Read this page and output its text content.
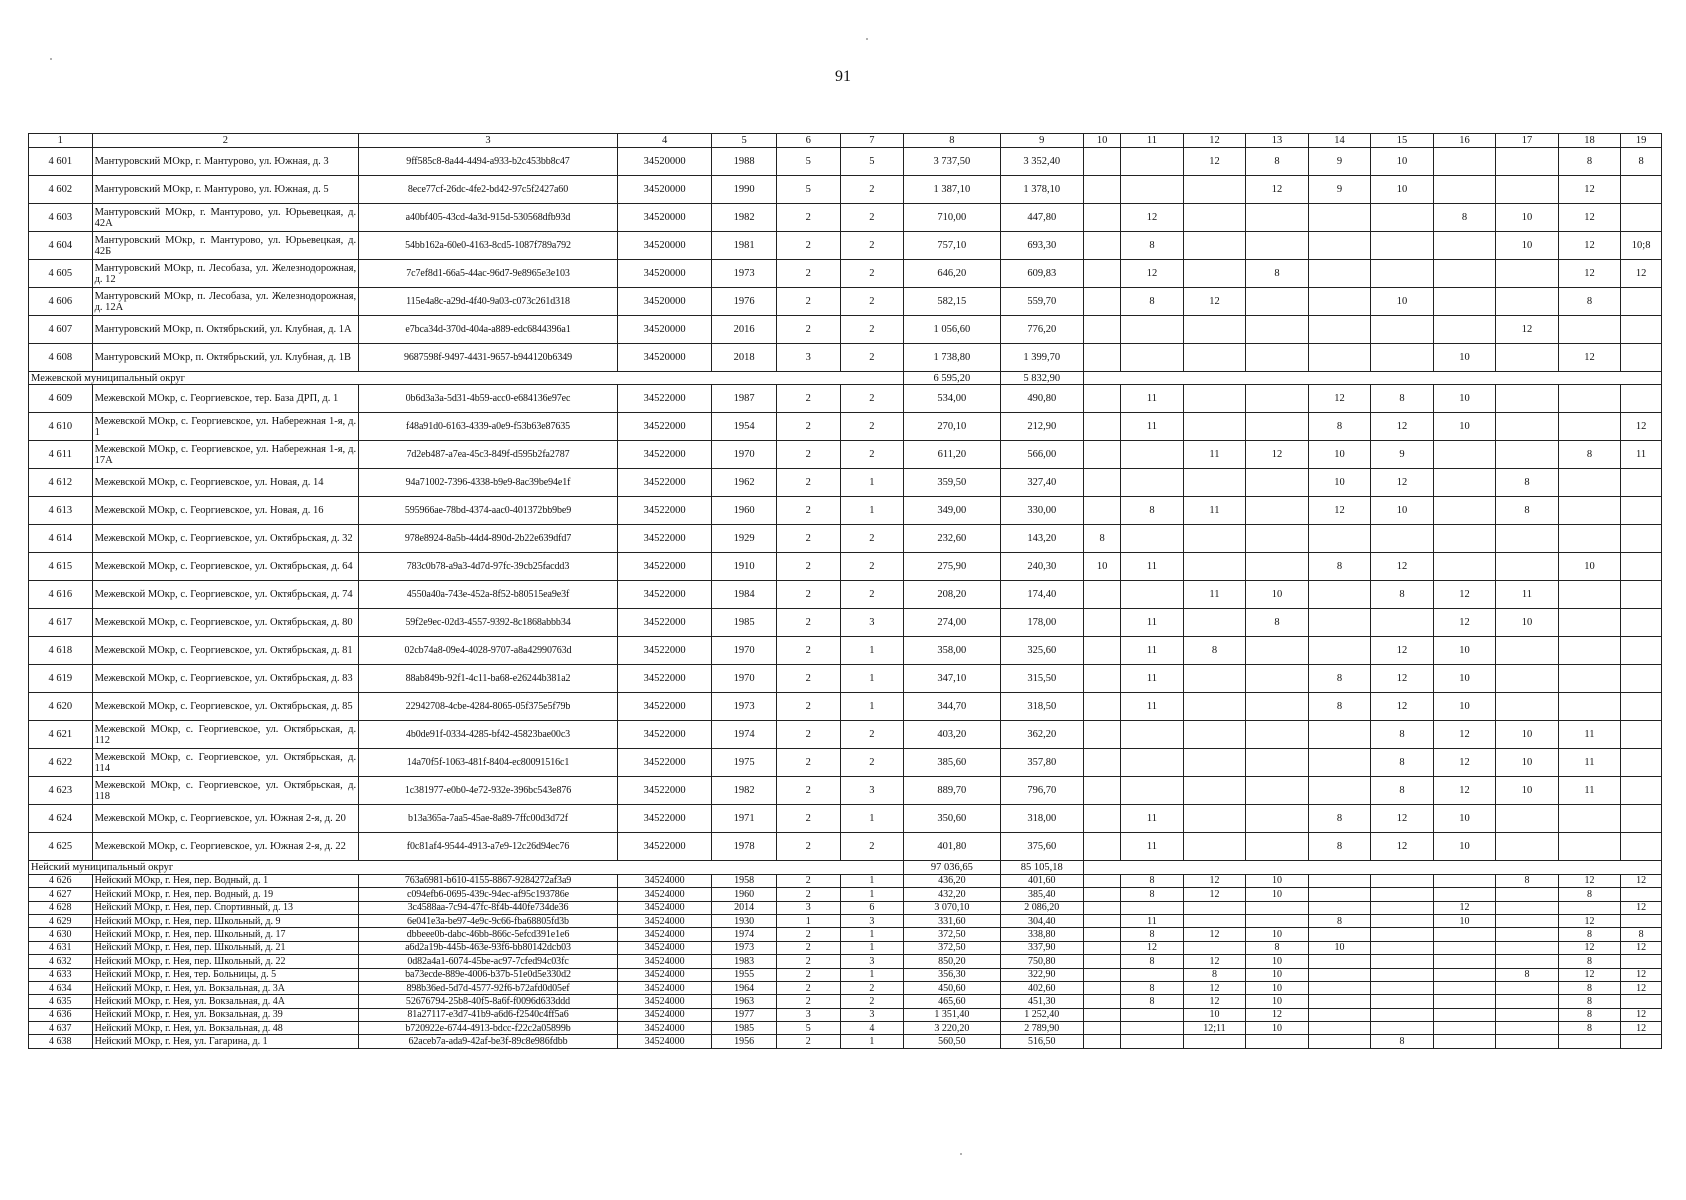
91
1	2	3	4	5	6	7	8	9	10	11	12	13	14	15	16	17	18	19
4 601	Мантуровский МОкр, г. Мантурово, ул. Южная, д. 3	9ff585c8-8a44-4494-a933-b2c453bb8c47	34520000	1988	5	5	3 737,50	3 352,40			12	8	9	10			8	8
4 602	Мантуровский МОкр, г. Мантурово, ул. Южная, д. 5	8ece77cf-26dc-4fe2-bd42-97c5f2427a60	34520000	1990	5	2	1 387,10	1 378,10				12	9	10			12	
4 603	Мантуровский МОкр, г. Мантурово, ул. Юрьевецкая, д. 42А	a40bf405-43cd-4a3d-915d-530568dfb93d	34520000	1982	2	2	710,00	447,80		12					8	10	12	
4 604	Мантуровский МОкр, г. Мантурово, ул. Юрьевецкая, д. 42Б	54bb162a-60e0-4163-8cd5-1087f789a792	34520000	1981	2	2	757,10	693,30		8						10	12	10;8
4 605	Мантуровский МОкр, п. Лесобаза, ул. Железнодорожная, д. 12	7c7ef8d1-66a5-44ac-96d7-9e8965e3e103	34520000	1973	2	2	646,20	609,83		12		8					12	12
4 606	Мантуровский МОкр, п. Лесобаза, ул. Железнодорожная, д. 12А	115e4a8c-a29d-4f40-9a03-c073c261d318	34520000	1976	2	2	582,15	559,70		8	12			10			8	
4 607	Мантуровский МОкр, п. Октябрьский, ул. Клубная, д. 1А	e7bca34d-370d-404a-a889-edc6844396a1	34520000	2016	2	2	1 056,60	776,20								12		
4 608	Мантуровский МОкр, п. Октябрьский, ул. Клубная, д. 1В	9687598f-9497-4431-9657-b944120b6349	34520000	2018	3	2	1 738,80	1 399,70							10		12	
Межевской муниципальный округ							6 595,20	5 832,90										
4 609	Межевской МОкр, с. Георгиевское, тер. База ДРП, д. 1	0b6d3a3a-5d31-4b59-acc0-e684136e97ec	34522000	1987	2	2	534,00	490,80		11			12	8	10			
4 610	Межевской МОкр, с. Георгиевское, ул. Набережная 1-я, д. 1	f48a91d0-6163-4339-a0e9-f53b63e87635	34522000	1954	2	2	270,10	212,90		11			8	12	10			12
4 611	Межевской МОкр, с. Георгиевское, ул. Набережная 1-я, д. 17А	7d2eb487-a7ea-45c3-849f-d595b2fa2787	34522000	1970	2	2	611,20	566,00			11	12	10	9			8	11
4 612	Межевской МОкр, с. Георгиевское, ул. Новая, д. 14	94a71002-7396-4338-b9e9-8ac39be94e1f	34522000	1962	2	1	359,50	327,40					10	12		8		
4 613	Межевской МОкр, с. Георгиевское, ул. Новая, д. 16	595966ae-78bd-4374-aac0-401372bb9be9	34522000	1960	2	1	349,00	330,00		8	11		12	10		8		
4 614	Межевской МОкр, с. Георгиевское, ул. Октябрьская, д. 32	978e8924-8a5b-44d4-890d-2b22e639dfd7	34522000	1929	2	2	232,60	143,20	8									
4 615	Межевской МОкр, с. Георгиевское, ул. Октябрьская, д. 64	783c0b78-a9a3-4d7d-97fc-39cb25facdd3	34522000	1910	2	2	275,90	240,30	10	11			8	12			10	
4 616	Межевской МОкр, с. Георгиевское, ул. Октябрьская, д. 74	4550a40a-743e-452a-8f52-b80515ea9e3f	34522000	1984	2	2	208,20	174,40			11	10		8	12	11		
4 617	Межевской МОкр, с. Георгиевское, ул. Октябрьская, д. 80	59f2e9ec-02d3-4557-9392-8c1868abbb34	34522000	1985	2	3	274,00	178,00		11		8			12	10		
4 618	Межевской МОкр, с. Георгиевское, ул. Октябрьская, д. 81	02cb74a8-09e4-4028-9707-a8a42990763d	34522000	1970	2	1	358,00	325,60		11	8			12	10			
4 619	Межевской МОкр, с. Георгиевское, ул. Октябрьская, д. 83	88ab849b-92f1-4c11-ba68-e26244b381a2	34522000	1970	2	1	347,10	315,50		11			8	12	10			
4 620	Межевской МОкр, с. Георгиевское, ул. Октябрьская, д. 85	22942708-4cbe-4284-8065-05f375e5f79b	34522000	1973	2	1	344,70	318,50		11			8	12	10			
4 621	Межевской МОкр, с. Георгиевское, ул. Октябрьская, д. 112	4b0de91f-0334-4285-bf42-45823bae00c3	34522000	1974	2	2	403,20	362,20						8	12	10	11	
4 622	Межевской МОкр, с. Георгиевское, ул. Октябрьская, д. 114	14a70f5f-1063-481f-8404-ec80091516c1	34522000	1975	2	2	385,60	357,80						8	12	10	11	
4 623	Межевской МОкр, с. Георгиевское, ул. Октябрьская, д. 118	1c381977-e0b0-4e72-932e-396bc543e876	34522000	1982	2	3	889,70	796,70						8	12	10	11	
4 624	Межевской МОкр, с. Георгиевское, ул. Южная 2-я, д. 20	b13a365a-7aa5-45ae-8a89-7ffc00d3d72f	34522000	1971	2	1	350,60	318,00		11			8	12	10			
4 625	Межевской МОкр, с. Георгиевское, ул. Южная 2-я, д. 22	f0c81af4-9544-4913-a7e9-12c26d94ec76	34522000	1978	2	2	401,80	375,60		11			8	12	10			
Нейский муниципальный округ							97 036,65	85 105,18										
4 626	Нейский МОкр, г. Нея, пер. Водный, д. 1	763a6981-b610-4155-8867-9284272af3a9	34524000	1958	2	1	436,20	401,60		8	12	10				8	12	12
4 627	Нейский МОкр, г. Нея, пер. Водный, д. 19	c094efb6-0695-439c-94ec-af95c193786e	34524000	1960	2	1	432,20	385,40		8	12	10					8	
4 628	Нейский МОкр, г. Нея, пер. Спортивный, д. 13	3c4588aa-7c94-47fc-8f4b-440fe734de36	34524000	2014	3	6	3 070,10	2 086,20							12			12
4 629	Нейский МОкр, г. Нея, пер. Школьный, д. 9	6e041e3a-be97-4e9c-9c66-fba68805fd3b	34524000	1930	1	3	331,60	304,40		11			8		10		12	
4 630	Нейский МОкр, г. Нея, пер. Школьный, д. 17	dbbeee0b-dabc-46bb-866c-5efcd391e1e6	34524000	1974	2	1	372,50	338,80		8	12	10					8	8
4 631	Нейский МОкр, г. Нея, пер. Школьный, д. 21	a6d2a19b-445b-463e-93f6-bb80142dcb03	34524000	1973	2	1	372,50	337,90		12		8	10				12	12
4 632	Нейский МОкр, г. Нея, пер. Школьный, д. 22	0d82a4a1-6074-45be-ac97-7cfed94c03fc	34524000	1983	2	3	850,20	750,80		8	12	10					8	
4 633	Нейский МОкр, г. Нея, тер. Больницы, д. 5	ba73ecde-889e-4006-b37b-51e0d5e330d2	34524000	1955	2	1	356,30	322,90			8	10				8	12	12
4 634	Нейский МОкр, г. Нея, ул. Вокзальная, д. 3А	898b36ed-5d7d-4577-92f6-b72afd0d05ef	34524000	1964	2	2	450,60	402,60		8	12	10					8	12
4 635	Нейский МОкр, г. Нея, ул. Вокзальная, д. 4А	52676794-25b8-40f5-8a6f-f0096d633ddd	34524000	1963	2	2	465,60	451,30		8	12	10					8	
4 636	Нейский МОкр, г. Нея, ул. Вокзальная, д. 39	81a27117-e3d7-41b9-a6d6-f2540c4ff5a6	34524000	1977	3	3	1 351,40	1 252,40			10	12					8	12
4 637	Нейский МОкр, г. Нея, ул. Вокзальная, д. 48	b720922e-6744-4913-bdcc-f22c2a05899b	34524000	1985	5	4	3 220,20	2 789,90			12;11	10					8	12
4 638	Нейский МОкр, г. Нея, ул. Гагарина, д. 1	62aceb7a-ada9-42af-be3f-89c8e986fdbb	34524000	1956	2	1	560,50	516,50						8				
